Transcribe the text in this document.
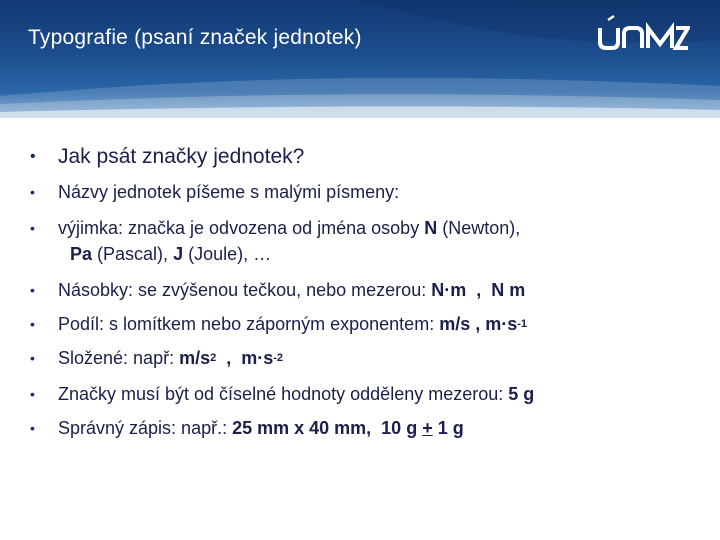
Typografie (psaní značek jednotek)
•	Jak psát značky jednotek?
•	Názvy jednotek píšeme s malými písmeny:
•	výjimka: značka je odvozena od jména osoby N (Newton),
Pa (Pascal), J (Joule), …
•	Násobky: se zvýšenou tečkou, nebo mezerou: N·m  ,  N m
•	Podíl: s lomítkem nebo záporným exponentem: m/s , $m\cdot s^{-1}$
•	Složené: např: $m/s^2$  ,  $m\cdot s^{-2}$
•	Značky musí být od číselné hodnoty odděleny mezerou: 5 g
•	Správný zápis: např.: 25 mm x 40 mm,  10 g + 1 g
